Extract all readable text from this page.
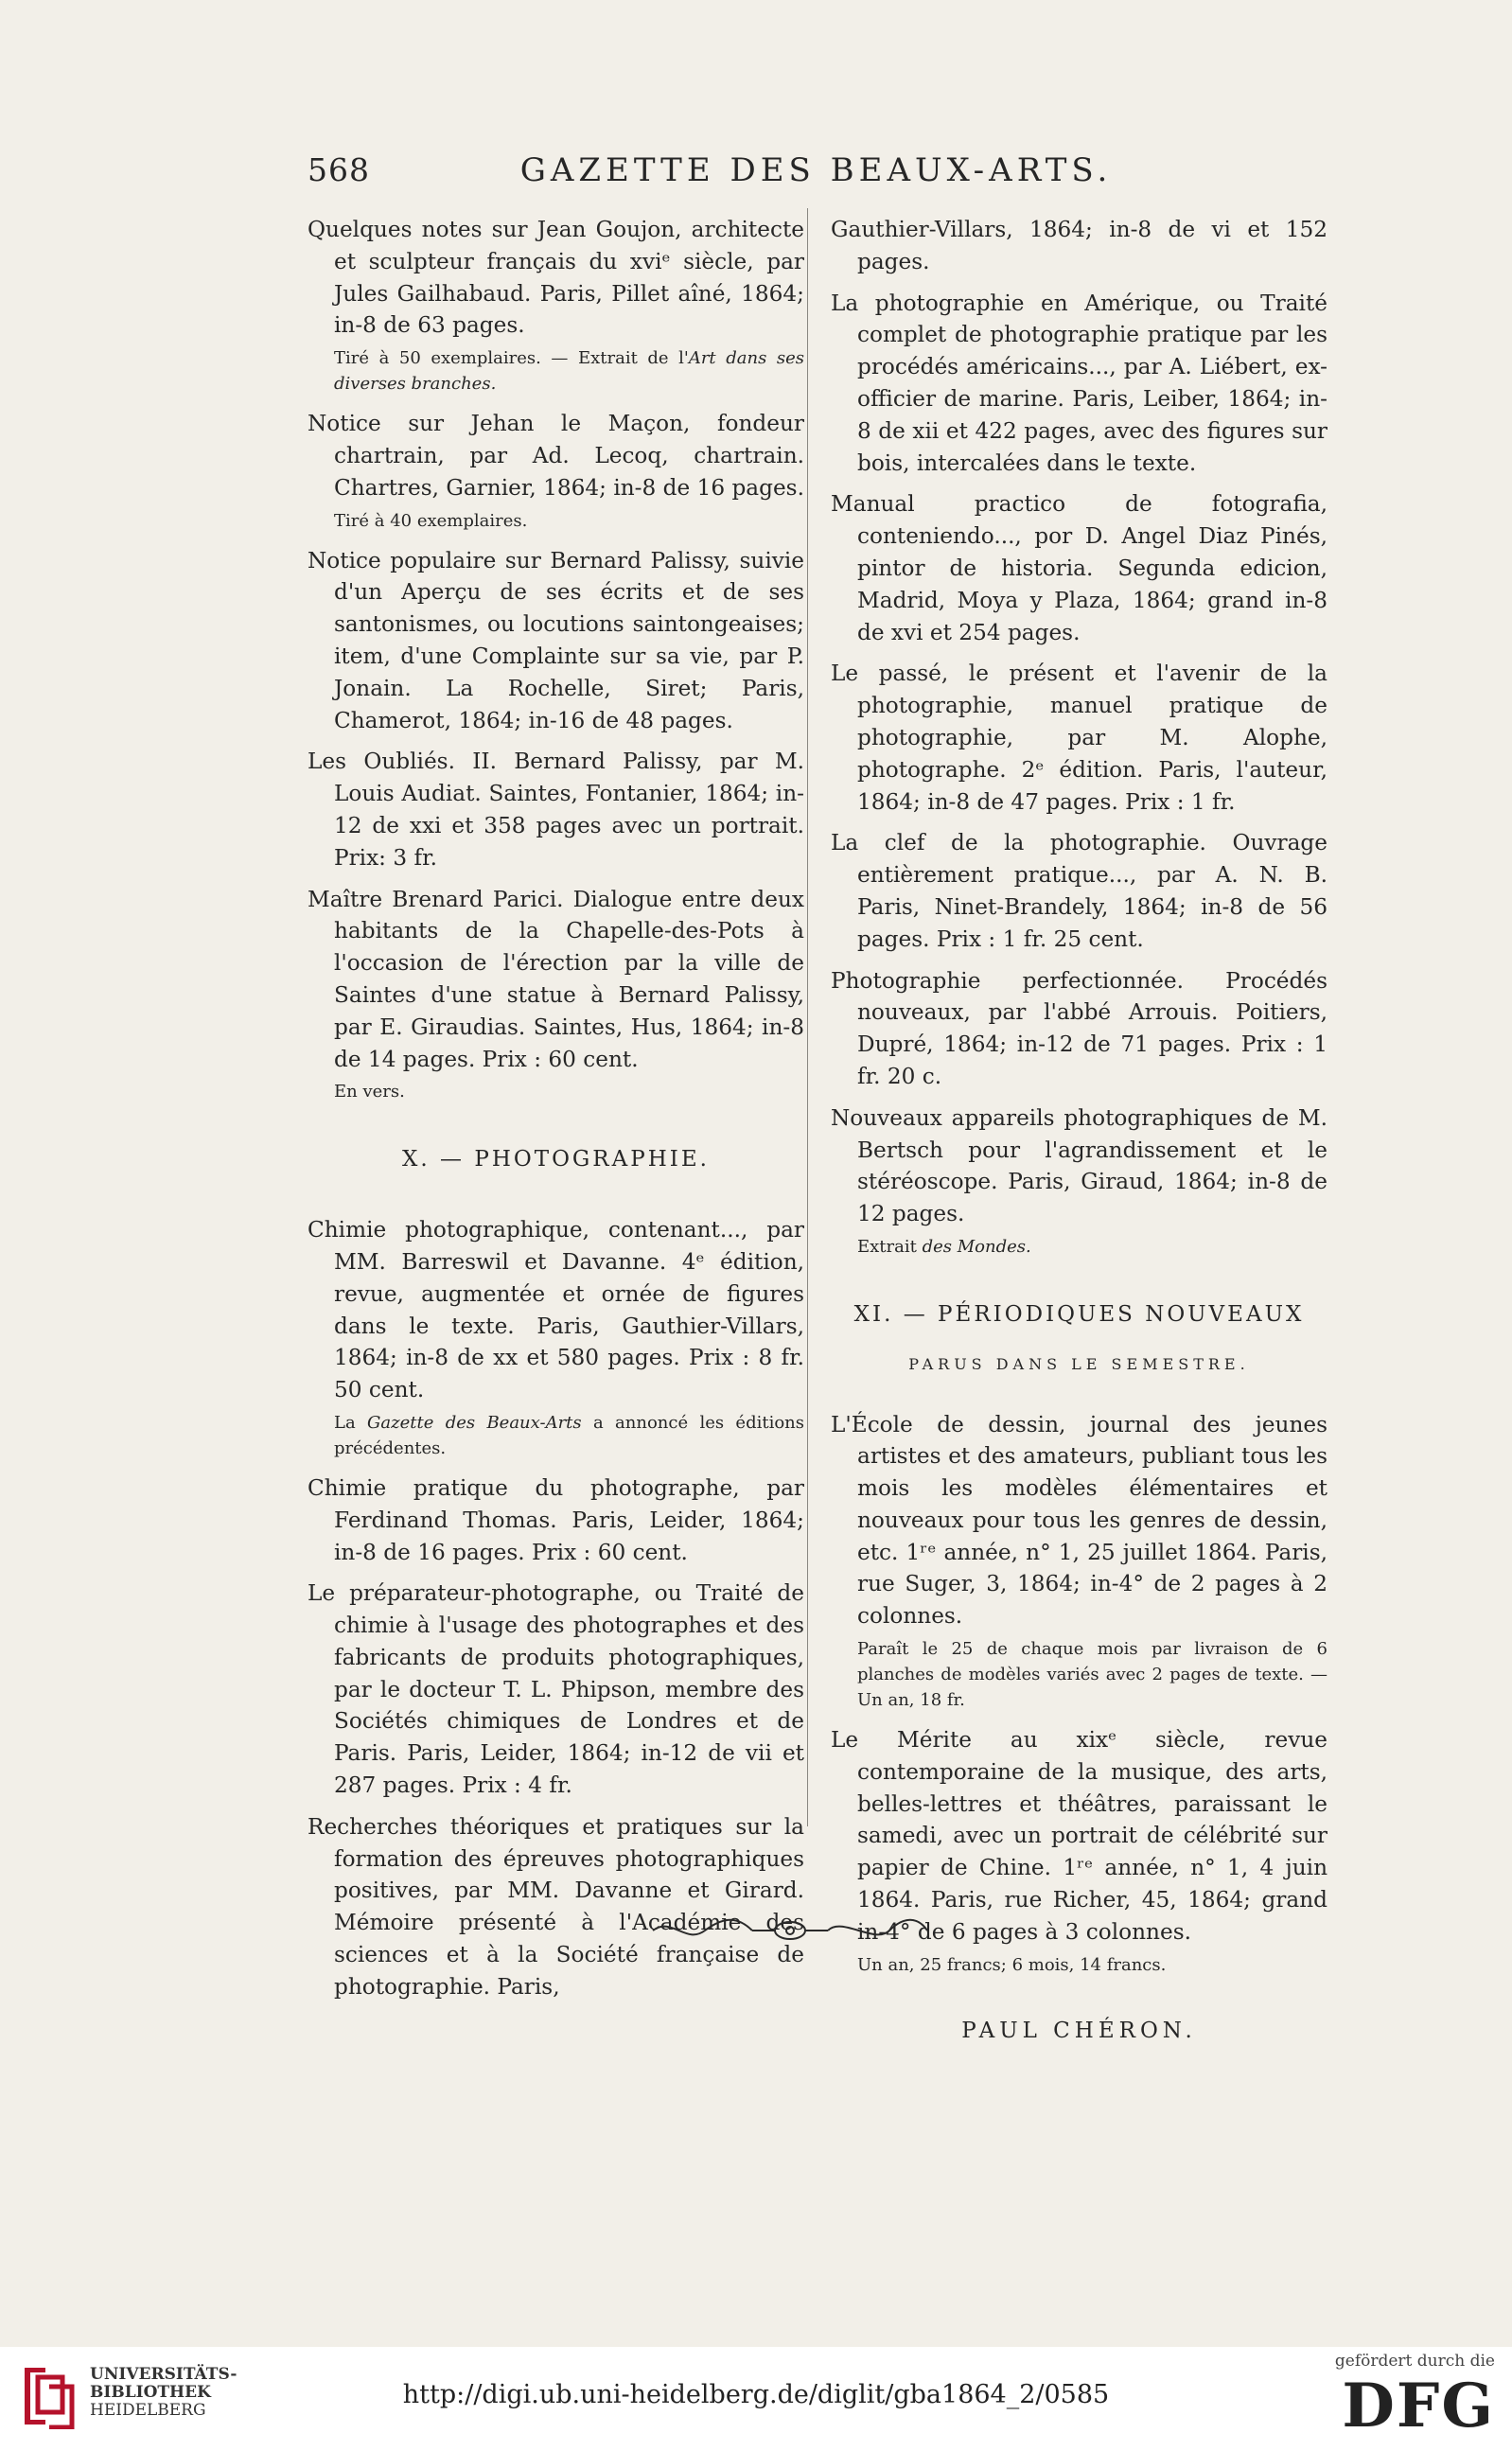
568	GAZETTE DES BEAUX-ARTS.

Quelques notes sur Jean Goujon, architecte et sculpteur français du xviᵉ siècle, par Jules Gailhabaud. Paris, Pillet aîné, 1864; in-8 de 63 pages.

Tiré à 50 exemplaires. — Extrait de l'Art dans ses diverses branches.

Notice sur Jehan le Maçon, fondeur chartrain, par Ad. Lecoq, chartrain. Chartres, Garnier, 1864; in-8 de 16 pages.

Tiré à 40 exemplaires.

Notice populaire sur Bernard Palissy, suivie d'un Aperçu de ses écrits et de ses santonismes, ou locutions saintongeaises; item, d'une Complainte sur sa vie, par P. Jonain. La Rochelle, Siret; Paris, Chamerot, 1864; in-16 de 48 pages.

Les Oubliés. II. Bernard Palissy, par M. Louis Audiat. Saintes, Fontanier, 1864; in-12 de xxi et 358 pages avec un portrait. Prix: 3 fr.

Maître Brenard Parici. Dialogue entre deux habitants de la Chapelle-des-Pots à l'occasion de l'érection par la ville de Saintes d'une statue à Bernard Palissy, par E. Giraudias. Saintes, Hus, 1864; in-8 de 14 pages. Prix : 60 cent.

En vers.

X. — PHOTOGRAPHIE.

Chimie photographique, contenant..., par MM. Barreswil et Davanne. 4ᵉ édition, revue, augmentée et ornée de figures dans le texte. Paris, Gauthier-Villars, 1864; in-8 de xx et 580 pages. Prix : 8 fr. 50 cent.

La Gazette des Beaux-Arts a annoncé les éditions précédentes.

Chimie pratique du photographe, par Ferdinand Thomas. Paris, Leider, 1864; in-8 de 16 pages. Prix : 60 cent.

Le préparateur-photographe, ou Traité de chimie à l'usage des photographes et des fabricants de produits photographiques, par le docteur T. L. Phipson, membre des Sociétés chimiques de Londres et de Paris. Paris, Leider, 1864; in-12 de vii et 287 pages. Prix : 4 fr.

Recherches théoriques et pratiques sur la formation des épreuves photographiques positives, par MM. Davanne et Girard. Mémoire présenté à l'Académie des sciences et à la Société française de photographie. Paris,

Gauthier-Villars, 1864; in-8 de vi et 152 pages.

La photographie en Amérique, ou Traité complet de photographie pratique par les procédés américains..., par A. Liébert, ex-officier de marine. Paris, Leiber, 1864; in-8 de xii et 422 pages, avec des figures sur bois, intercalées dans le texte.

Manual practico de fotografia, conteniendo..., por D. Angel Diaz Pinés, pintor de historia. Segunda edicion, Madrid, Moya y Plaza, 1864; grand in-8 de xvi et 254 pages.

Le passé, le présent et l'avenir de la photographie, manuel pratique de photographie, par M. Alophe, photographe. 2ᵉ édition. Paris, l'auteur, 1864; in-8 de 47 pages. Prix : 1 fr.

La clef de la photographie. Ouvrage entièrement pratique..., par A. N. B. Paris, Ninet-Brandely, 1864; in-8 de 56 pages. Prix : 1 fr. 25 cent.

Photographie perfectionnée. Procédés nouveaux, par l'abbé Arrouis. Poitiers, Dupré, 1864; in-12 de 71 pages. Prix : 1 fr. 20 c.

Nouveaux appareils photographiques de M. Bertsch pour l'agrandissement et le stéréoscope. Paris, Giraud, 1864; in-8 de 12 pages.

Extrait des Mondes.

XI. — PÉRIODIQUES NOUVEAUX
PARUS DANS LE SEMESTRE.

L'École de dessin, journal des jeunes artistes et des amateurs, publiant tous les mois les modèles élémentaires et nouveaux pour tous les genres de dessin, etc. 1ʳᵉ année, n° 1, 25 juillet 1864. Paris, rue Suger, 3, 1864; in-4° de 2 pages à 2 colonnes.

Paraît le 25 de chaque mois par livraison de 6 planches de modèles variés avec 2 pages de texte. — Un an, 18 fr.

Le Mérite au xixᵉ siècle, revue contemporaine de la musique, des arts, belles-lettres et théâtres, paraissant le samedi, avec un portrait de célébrité sur papier de Chine. 1ʳᵉ année, n° 1, 4 juin 1864. Paris, rue Richer, 45, 1864; grand in-4° de 6 pages à 3 colonnes.

Un an, 25 francs; 6 mois, 14 francs.

PAUL CHÉRON.
UNIVERSITÄTS-
BIBLIOTHEK
HEIDELBERG
http://digi.ub.uni-heidelberg.de/diglit/gba1864_2/0585
gefördert durch die
DFG
